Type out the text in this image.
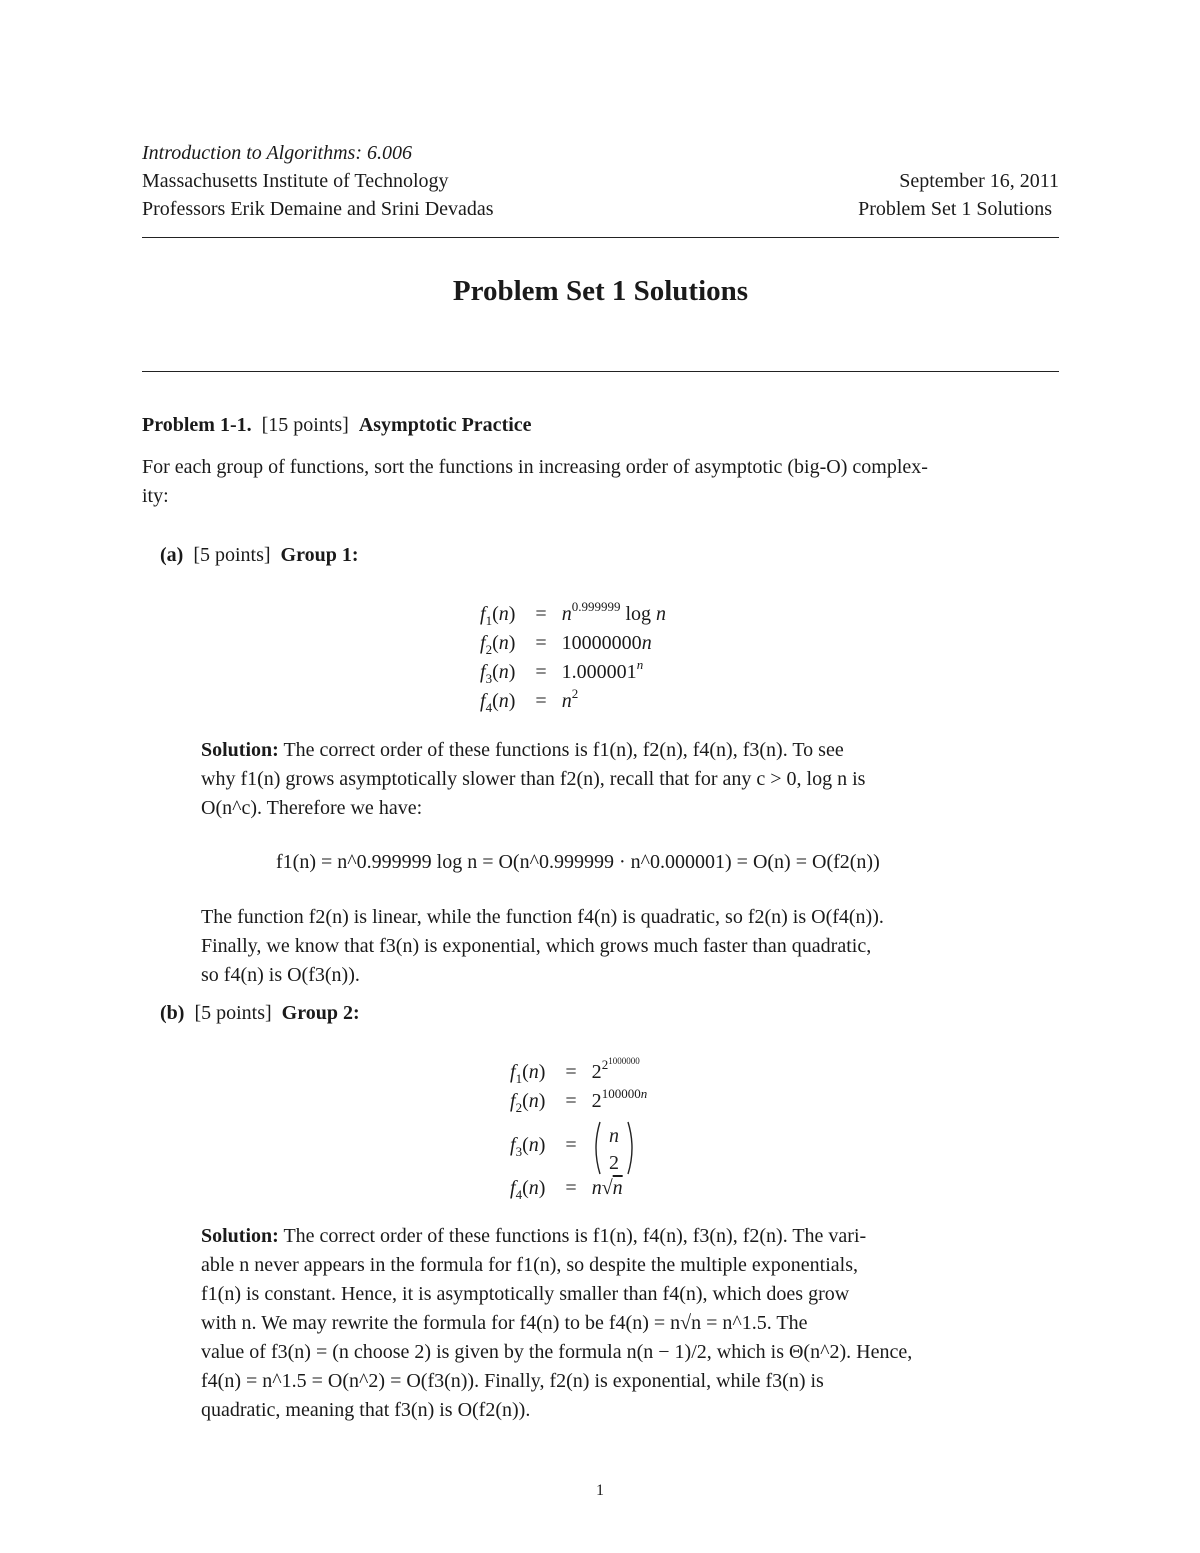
Introduction to Algorithms: 6.006
Massachusetts Institute of Technology
Professors Erik Demaine and Srini Devadas
September 16, 2011
Problem Set 1 Solutions
Problem Set 1 Solutions
Problem 1-1. [15 points] Asymptotic Practice
For each group of functions, sort the functions in increasing order of asymptotic (big-O) complex-
ity:
(a) [5 points] Group 1:
$f_1(n)$    =   $n^{0.999999}$ log n
$f_2(n)$    =   10000000n
$f_3(n)$    =   1.000001$^n$
$f_4(n)$    =   $n^2$
Solution: The correct order of these functions is f1(n), f2(n), f4(n), f3(n). To see
why f1(n) grows asymptotically slower than f2(n), recall that for any c > 0, log n is
O(n^c). Therefore we have:
f1(n) = n^0.999999 log n = O(n^0.999999 · n^0.000001) = O(n) = O(f2(n))
The function f2(n) is linear, while the function f4(n) is quadratic, so f2(n) is O(f4(n)).
Finally, we know that f3(n) is exponential, which grows much faster than quadratic,
so f4(n) is O(f3(n)).
(b) [5 points] Group 2:
$f_1(n)$    =   $2^{2^{1000000}}$
$f_2(n)$    =   $2^{100000n}$
$f_3(n)$    = n
2
$f_4(n)$    =   n√n
Solution: The correct order of these functions is f1(n), f4(n), f3(n), f2(n). The vari-
able n never appears in the formula for f1(n), so despite the multiple exponentials,
f1(n) is constant. Hence, it is asymptotically smaller than f4(n), which does grow
with n. We may rewrite the formula for f4(n) to be f4(n) = n√n = n^1.5. The
value of f3(n) = (n choose 2) is given by the formula n(n − 1)/2, which is Θ(n^2). Hence,
f4(n) = n^1.5 = O(n^2) = O(f3(n)). Finally, f2(n) is exponential, while f3(n) is
quadratic, meaning that f3(n) is O(f2(n)).
1
